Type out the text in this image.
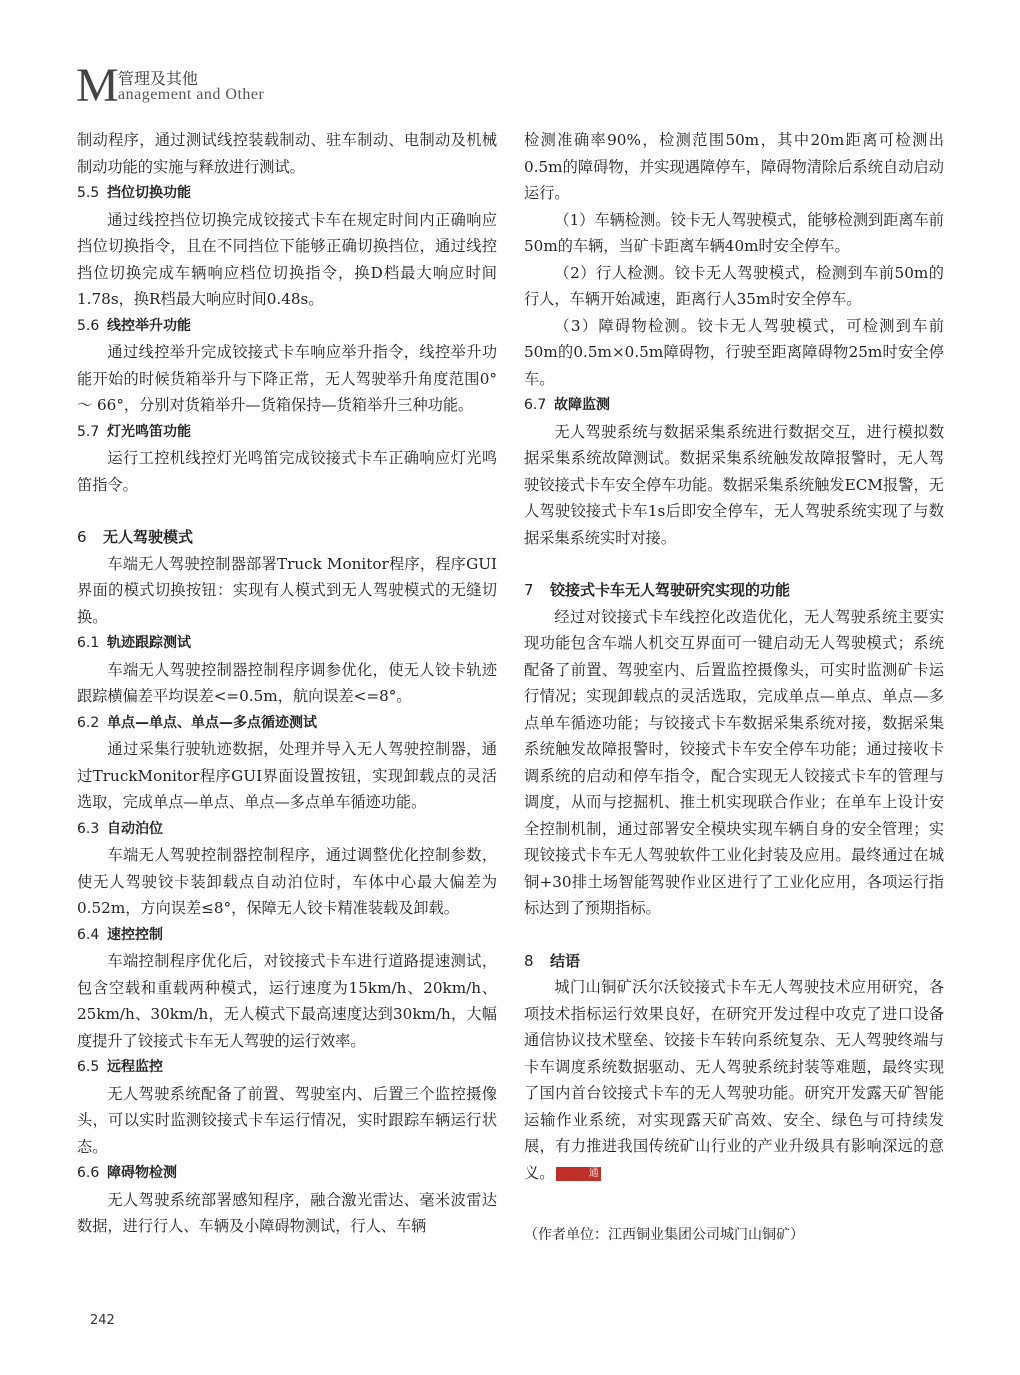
M 管理及其他
anagement and Other

制动程序，通过测试线控装载制动、驻车制动、电制动及机械制动功能的实施与释放进行测试。

5.5 挡位切换功能

通过线控挡位切换完成铰接式卡车在规定时间内正确响应挡位切换指令，且在不同挡位下能够正确切换挡位，通过线控挡位切换完成车辆响应档位切换指令，换D档最大响应时间1.78s，换R档最大响应时间0.48s。

5.6 线控举升功能

通过线控举升完成铰接式卡车响应举升指令，线控举升功能开始的时候货箱举升与下降正常，无人驾驶举升角度范围0° ～ 66°，分别对货箱举升—货箱保持—货箱举升三种功能。

5.7 灯光鸣笛功能

运行工控机线控灯光鸣笛完成铰接式卡车正确响应灯光鸣笛指令。

6 无人驾驶模式

车端无人驾驶控制器部署Truck Monitor程序，程序GUI界面的模式切换按钮：实现有人模式到无人驾驶模式的无缝切换。

6.1 轨迹跟踪测试

车端无人驾驶控制器控制程序调参优化，使无人铰卡轨迹跟踪横偏差平均误差<=0.5m，航向误差<=8°。

6.2 单点—单点、单点—多点循迹测试

通过采集行驶轨迹数据，处理并导入无人驾驶控制器，通过TruckMonitor程序GUI界面设置按钮，实现卸载点的灵活选取，完成单点—单点、单点—多点单车循迹功能。

6.3 自动泊位

车端无人驾驶控制器控制程序，通过调整优化控制参数，使无人驾驶铰卡装卸载点自动泊位时，车体中心最大偏差为0.52m，方向误差≤8°，保障无人铰卡精准装载及卸载。

6.4 速控控制

车端控制程序优化后，对铰接式卡车进行道路提速测试，包含空载和重载两种模式，运行速度为15km/h、20km/h、25km/h、30km/h，无人模式下最高速度达到30km/h，大幅度提升了铰接式卡车无人驾驶的运行效率。

6.5 远程监控

无人驾驶系统配备了前置、驾驶室内、后置三个监控摄像头，可以实时监测铰接式卡车运行情况，实时跟踪车辆运行状态。

6.6 障碍物检测

无人驾驶系统部署感知程序，融合激光雷达、毫米波雷达数据，进行行人、车辆及小障碍物测试，行人、车辆

检测准确率90%，检测范围50m，其中20m距离可检测出0.5m的障碍物，并实现遇障停车，障碍物清除后系统自动启动运行。

（1）车辆检测。铰卡无人驾驶模式，能够检测到距离车前50m的车辆，当矿卡距离车辆40m时安全停车。

（2）行人检测。铰卡无人驾驶模式，检测到车前50m的行人，车辆开始减速，距离行人35m时安全停车。

（3）障碍物检测。铰卡无人驾驶模式，可检测到车前50m的0.5m×0.5m障碍物，行驶至距离障碍物25m时安全停车。

6.7 故障监测

无人驾驶系统与数据采集系统进行数据交互，进行模拟数据采集系统故障测试。数据采集系统触发故障报警时，无人驾驶铰接式卡车安全停车功能。数据采集系统触发ECM报警，无人驾驶铰接式卡车1s后即安全停车，无人驾驶系统实现了与数据采集系统实时对接。

7 铰接式卡车无人驾驶研究实现的功能

经过对铰接式卡车线控化改造优化，无人驾驶系统主要实现功能包含车端人机交互界面可一键启动无人驾驶模式；系统配备了前置、驾驶室内、后置监控摄像头，可实时监测矿卡运行情况；实现卸载点的灵活选取，完成单点—单点、单点—多点单车循迹功能；与铰接式卡车数据采集系统对接，数据采集系统触发故障报警时，铰接式卡车安全停车功能；通过接收卡调系统的启动和停车指令，配合实现无人铰接式卡车的管理与调度，从而与挖掘机、推土机实现联合作业；在单车上设计安全控制机制，通过部署安全模块实现车辆自身的安全管理；实现铰接式卡车无人驾驶软件工业化封装及应用。最终通过在城铜+30排土场智能驾驶作业区进行了工业化应用，各项运行指标达到了预期指标。

8 结语

城门山铜矿沃尔沃铰接式卡车无人驾驶技术应用研究，各项技术指标运行效果良好，在研究开发过程中攻克了进口设备通信协议技术壁垒、铰接卡车转向系统复杂、无人驾驶终端与卡车调度系统数据驱动、无人驾驶系统封装等难题，最终实现了国内首台铰接式卡车的无人驾驶功能。研究开发露天矿智能运输作业系统，对实现露天矿高效、安全、绿色与可持续发展，有力推进我国传统矿山行业的产业升级具有影响深远的意义。	通

（作者单位：江西铜业集团公司城门山铜矿）

242
